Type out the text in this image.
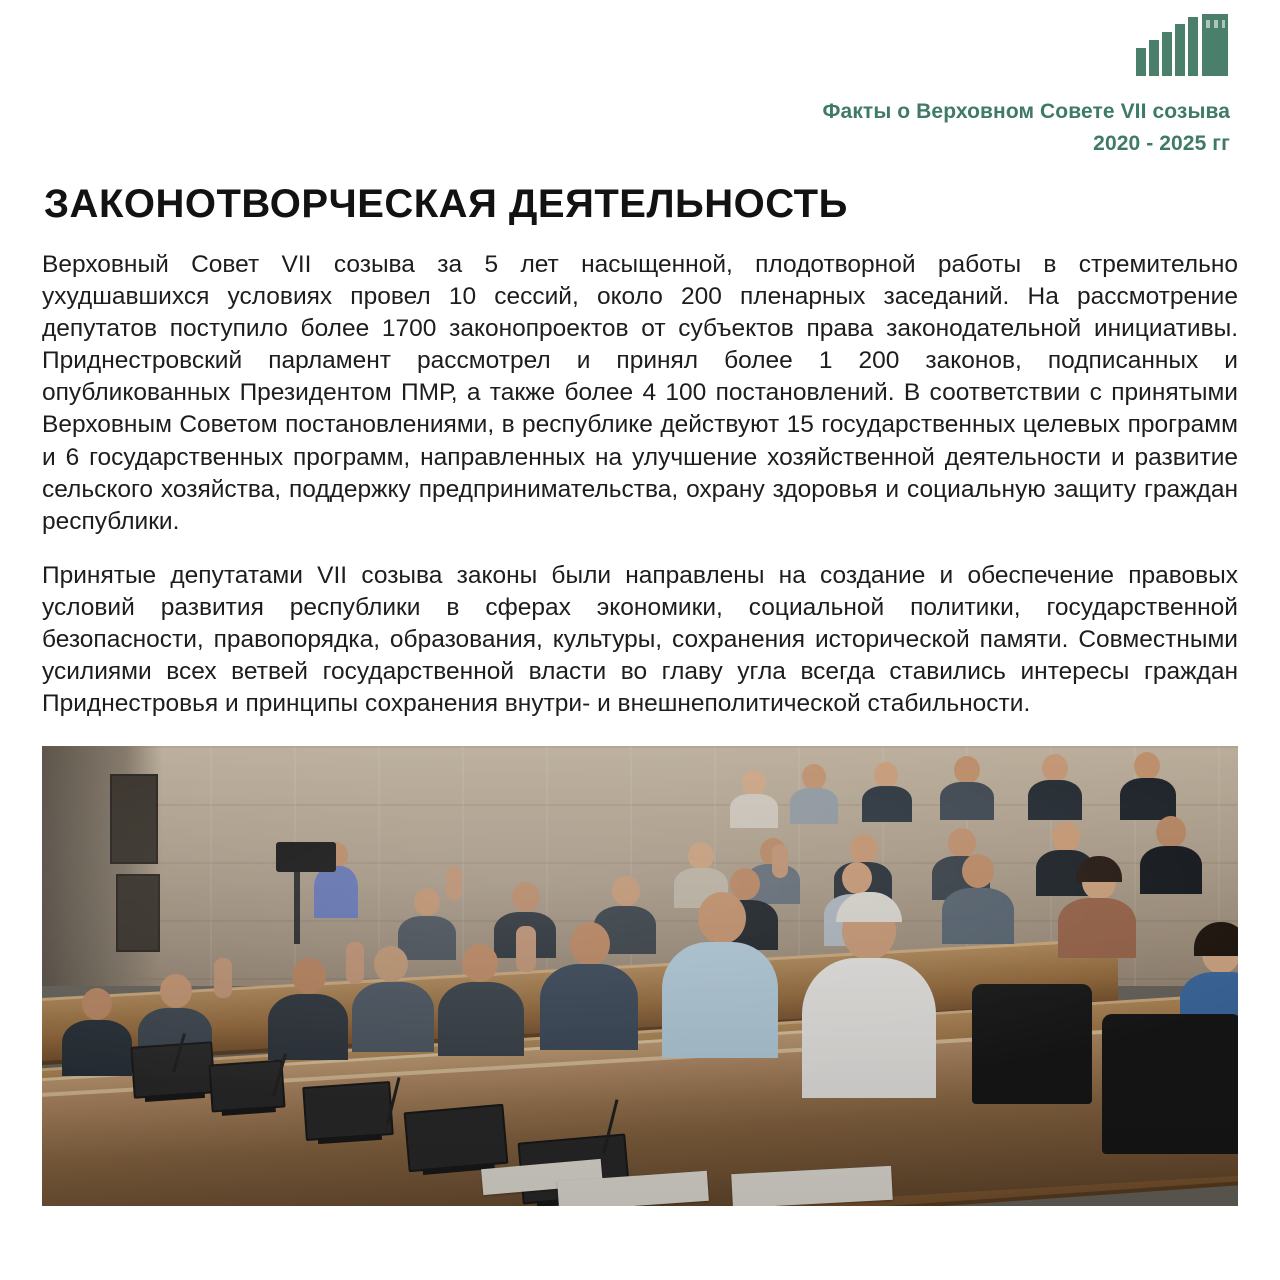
Факты о Верховном Совете VII созыва
2020 - 2025 гг
ЗАКОНОТВОРЧЕСКАЯ ДЕЯТЕЛЬНОСТЬ

Верховный Совет VII созыва за 5 лет насыщенной, плодотворной работы в стремительно ухудшавшихся условиях провел 10 сессий, около 200 пленарных заседаний. На рассмотрение депутатов поступило более 1700 законопроектов от субъектов права законодательной инициативы. Приднестровский парламент рассмотрел и принял более 1 200 законов, подписанных и опубликованных Президентом ПМР, а также более 4 100 постановлений. В соответствии с принятыми Верховным Советом постановлениями, в республике действуют 15 государственных целевых программ и 6 государственных программ, направленных на улучшение хозяйственной деятельности и развитие сельского хозяйства, поддержку предпринимательства, охрану здоровья и социальную защиту граждан республики.

Принятые депутатами VII созыва законы были направлены на создание и обеспечение правовых условий развития республики в сферах экономики, социальной политики, государственной безопасности, правопорядка, образования, культуры, сохранения исторической памяти. Совместными усилиями всех ветвей государственной власти во главу угла всегда ставились интересы граждан Приднестровья и принципы сохранения внутри- и внешнеполитической стабильности.
